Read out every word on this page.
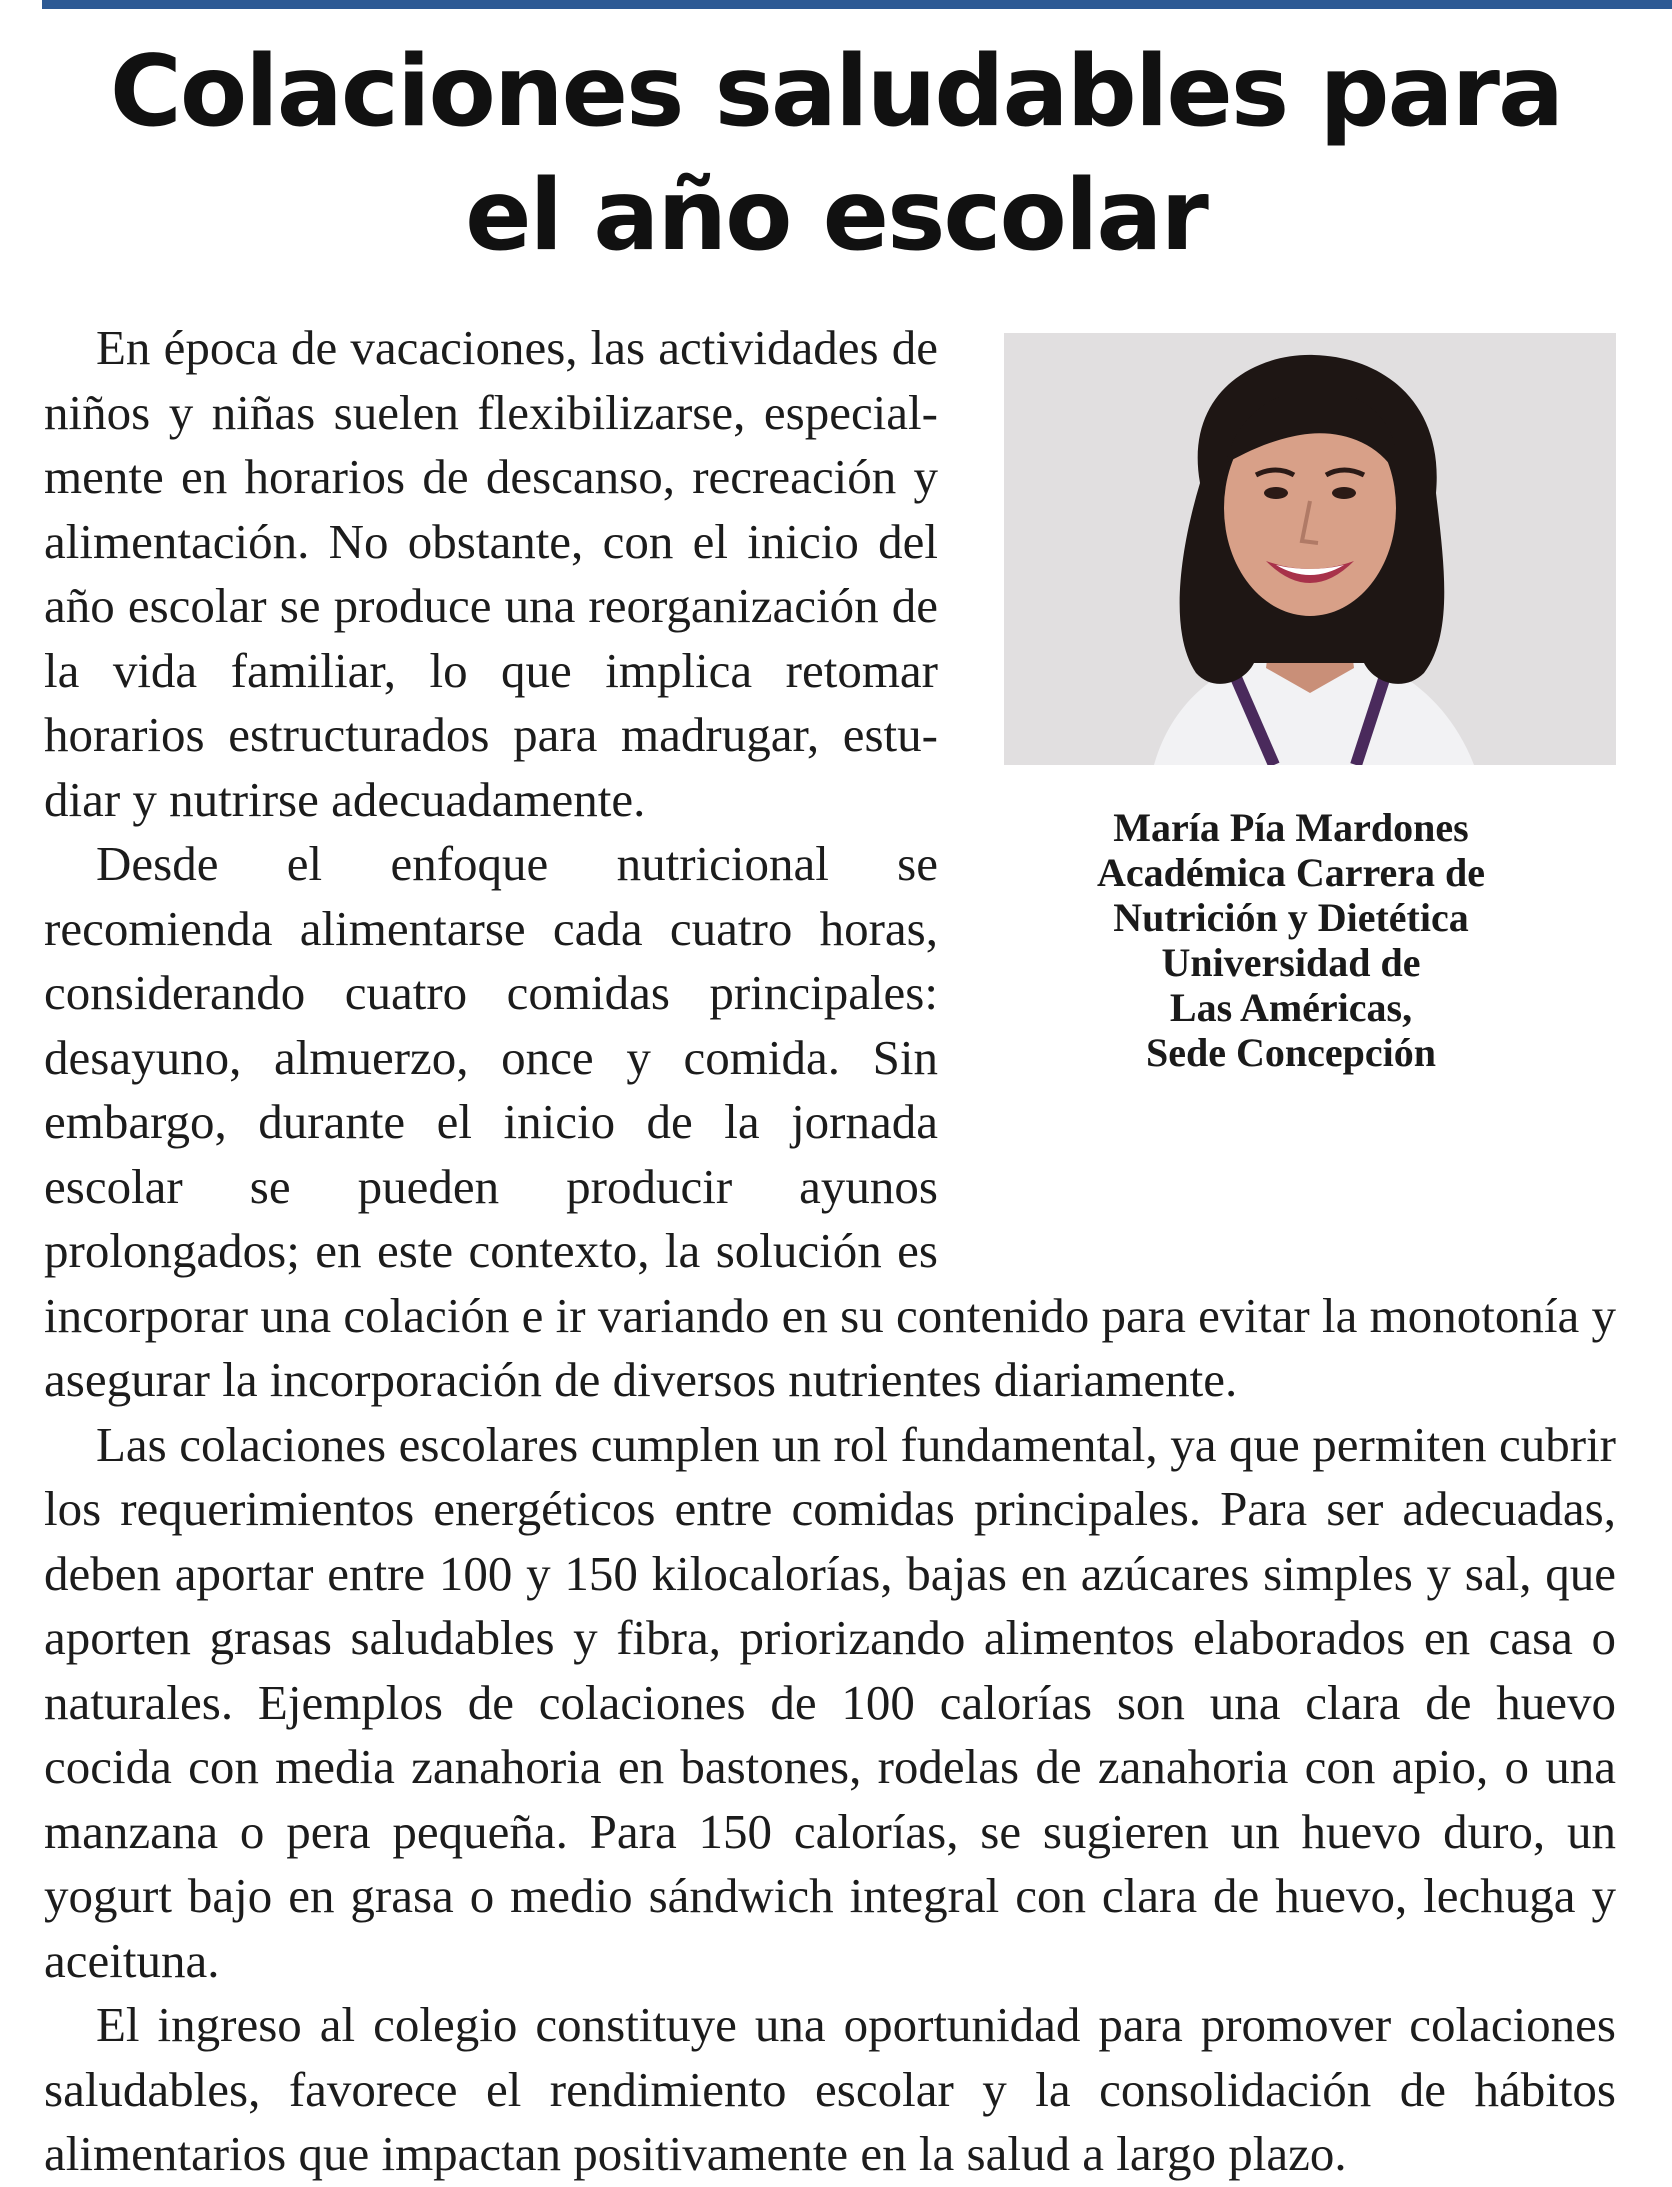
Colaciones saludables para
el año escolar
María Pía Mardones
Académica Carrera de
Nutrición y Dietética
Universidad de
Las Américas,
Sede Concepción

En época de vacaciones, las actividades de niños y niñas suelen flexibilizarse, especialmente en horarios de descanso, recreación y alimentación. No obstante, con el inicio del año escolar se produce una reorganización de la vida familiar, lo que implica retomar horarios estructurados para madrugar, estudiar y nutrirse adecuadamente.

Desde el enfoque nutricional se recomienda alimentarse cada cuatro horas, considerando cuatro comidas principales: desayuno, almuerzo, once y comida. Sin embargo, durante el inicio de la jornada escolar se pueden producir ayunos prolongados; en este contexto, la solución es incorporar una colación e ir variando en su contenido para evitar la monotonía y asegurar la incorporación de diversos nutrientes diariamente.

Las colaciones escolares cumplen un rol fundamental, ya que permiten cubrir los requerimientos energéticos entre comidas principales. Para ser adecuadas, deben aportar entre 100 y 150 kilocalorías, bajas en azúcares simples y sal, que aporten grasas saludables y fibra, priorizando alimentos elaborados en casa o naturales. Ejemplos de colaciones de 100 calorías son una clara de huevo cocida con media zanahoria en bastones, rodelas de zanahoria con apio, o una manzana o pera pequeña. Para 150 calorías, se sugieren un huevo duro, un yogurt bajo en grasa o medio sándwich integral con clara de huevo, lechuga y aceituna.

El ingreso al colegio constituye una oportunidad para promover colaciones saludables, favorece el rendimiento escolar y la consolidación de hábitos alimentarios que impactan positivamente en la salud a largo plazo.
